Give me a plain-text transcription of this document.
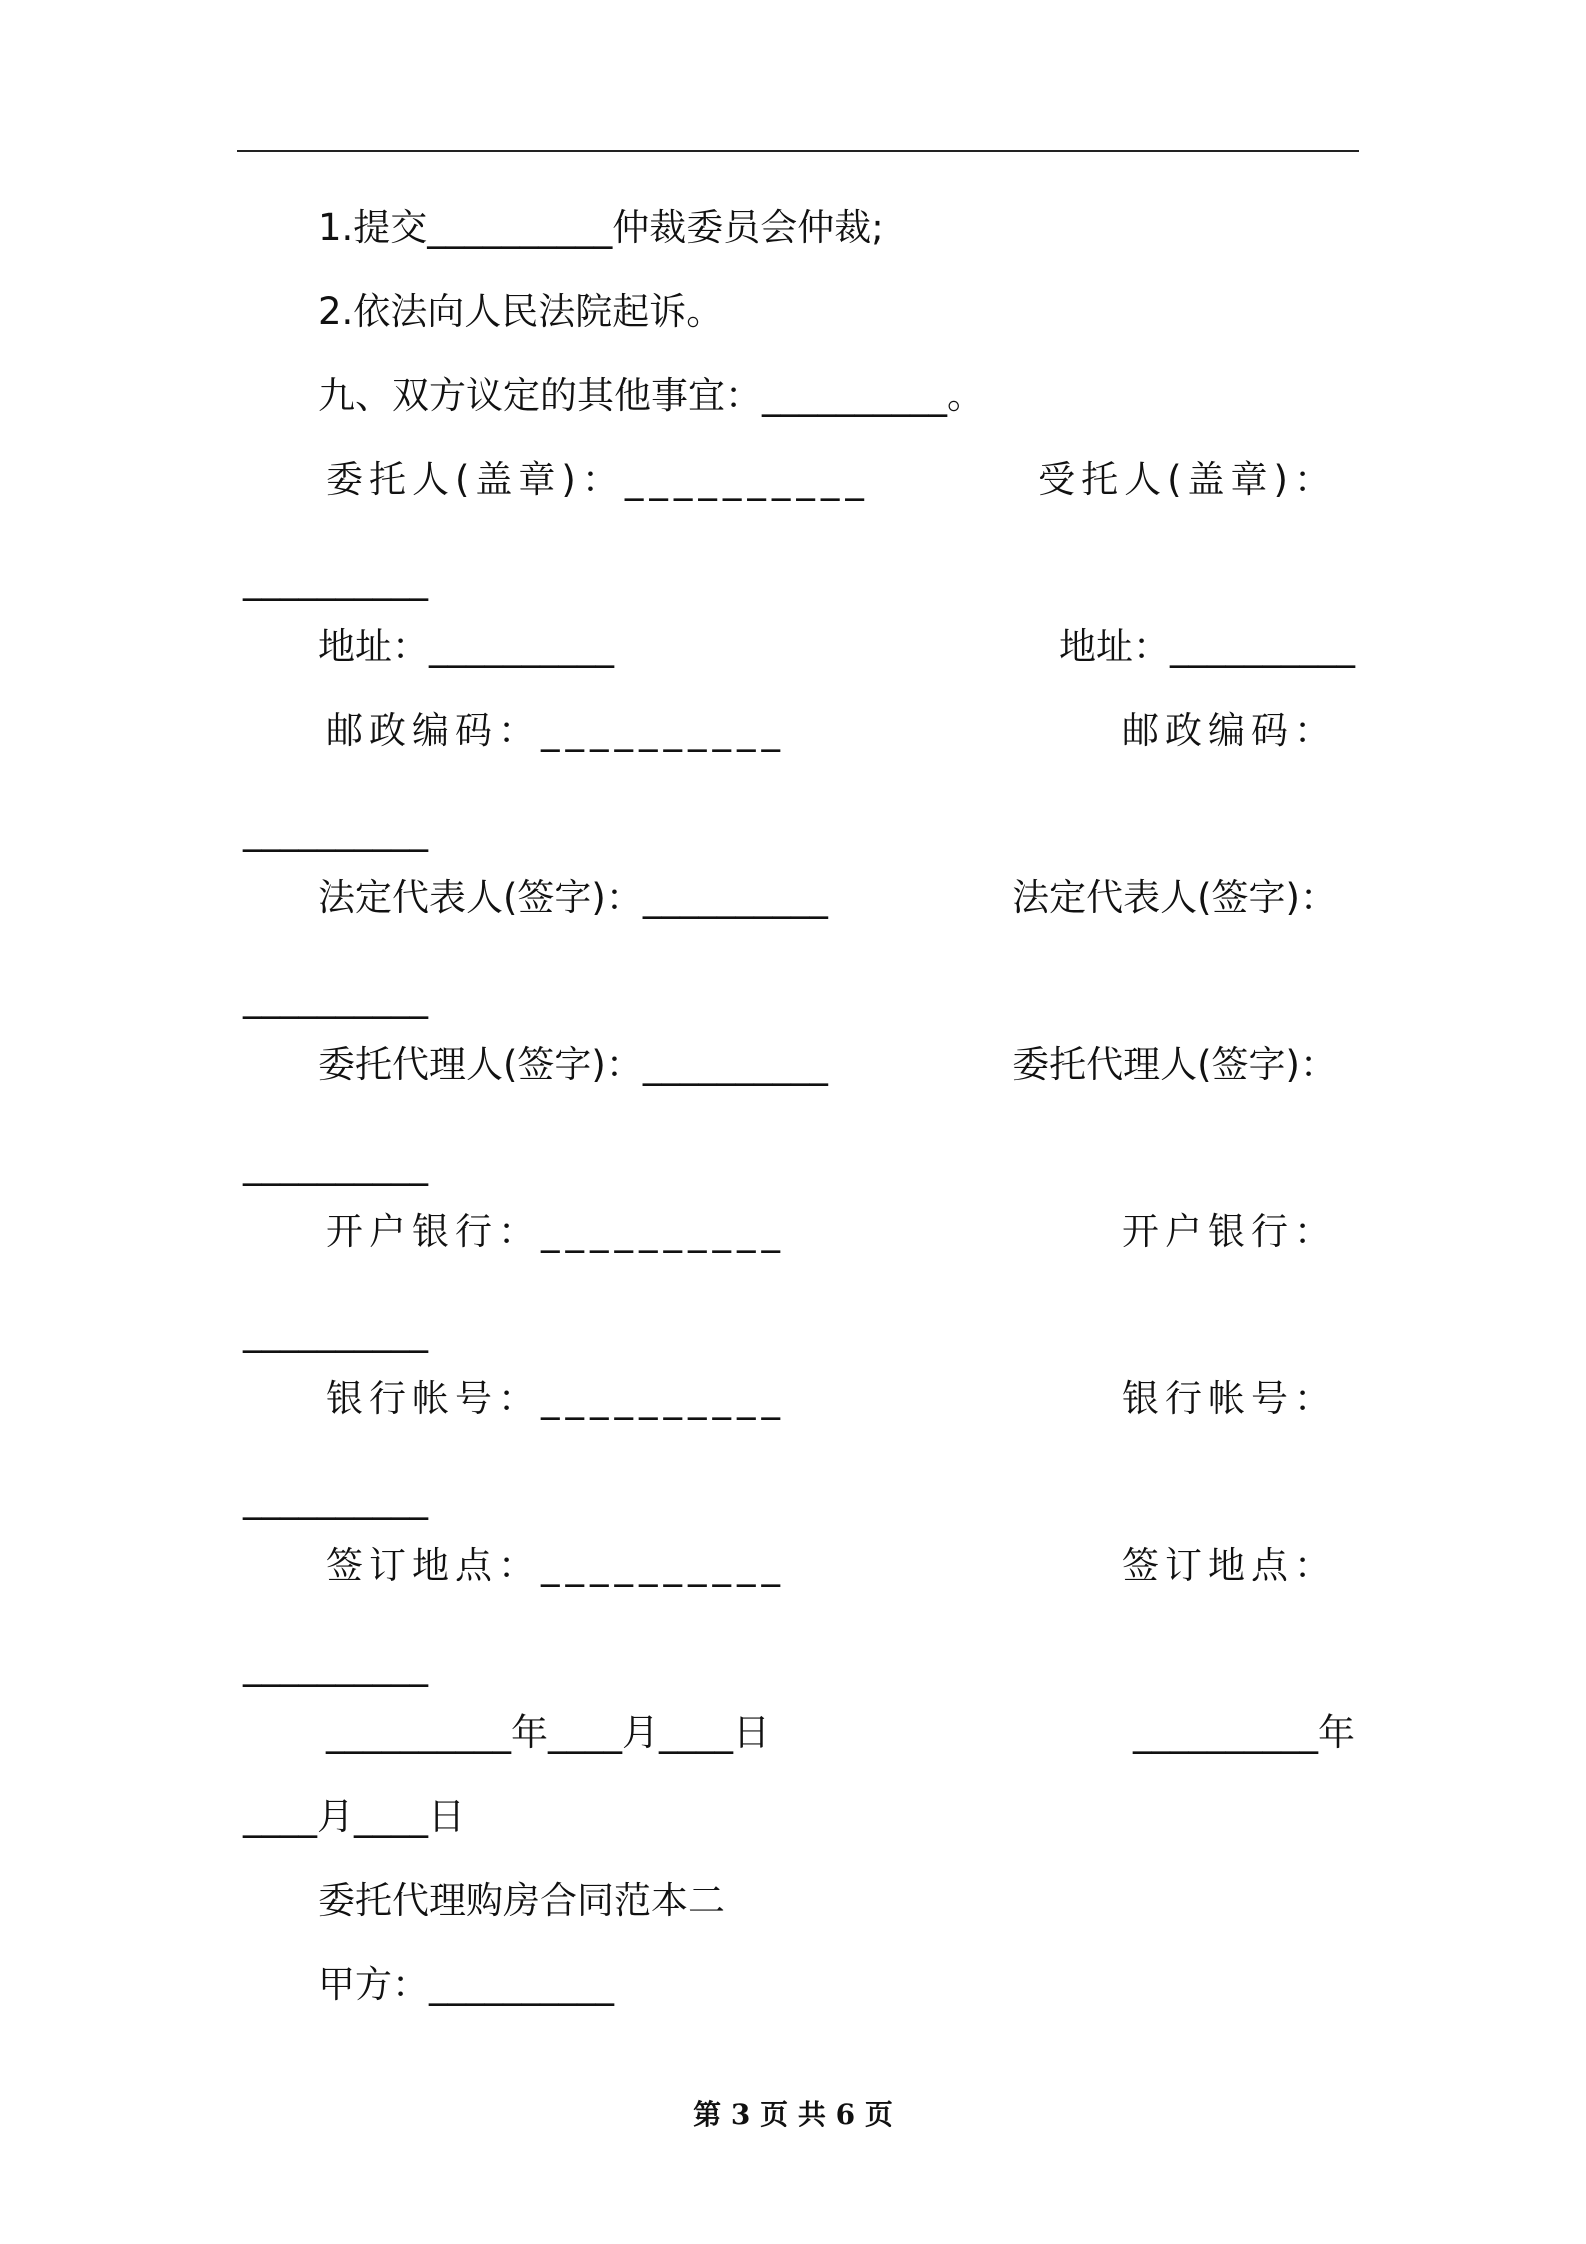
1.提交__________仲裁委员会仲裁;
2.依法向人民法院起诉。
九、双方议定的其他事宜：__________。
委托人(盖章)：__________	受托人(盖章)：
__________
地址：__________	地址：__________
邮政编码：__________	邮政编码：
__________
法定代表人(签字)：__________	法定代表人(签字)：
__________
委托代理人(签字)：__________	委托代理人(签字)：
__________
开户银行：__________	开户银行：
__________
银行帐号：__________	银行帐号：
__________
签订地点：__________	签订地点：
__________
__________年____月____日	__________年
____月____日
委托代理购房合同范本二
甲方：__________
第 3 页 共 6 页
